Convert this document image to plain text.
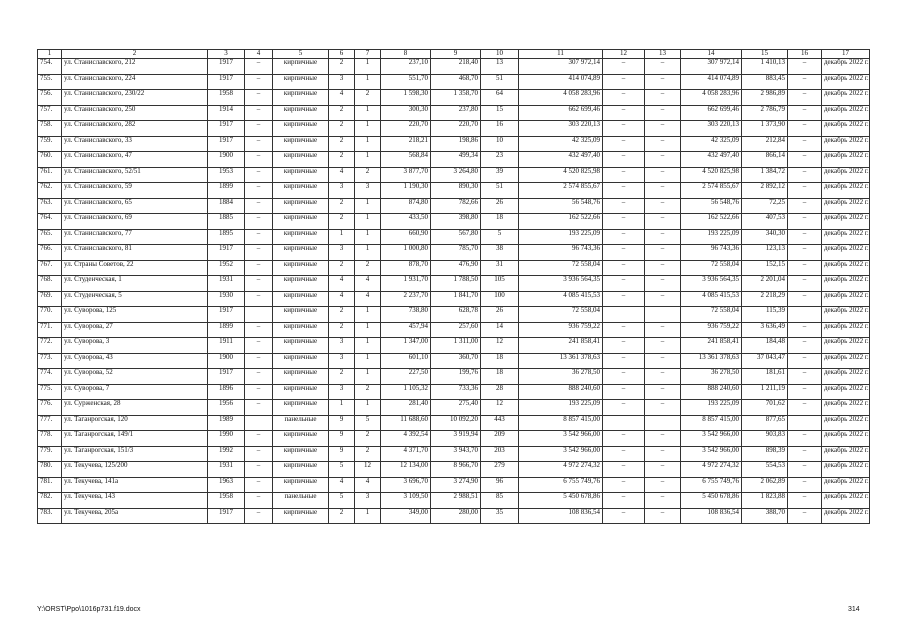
1	2	3	4	5	6	7	8	9	10	11	12	13	14	15	16	17
754.	ул. Станиславского, 212	1917	–	кирпичные	2	1	237,10	218,40	13	307 972,14	–	–	307 972,14	1 410,13	–	декабрь 2022 г.
755.	ул. Станиславского, 224	1917	–	кирпичные	3	1	551,70	468,70	51	414 074,89	–	–	414 074,89	883,45	–	декабрь 2022 г.
756.	ул. Станиславского, 230/22	1958	–	кирпичные	4	2	1 598,30	1 358,70	64	4 058 283,96	–	–	4 058 283,96	2 986,89	–	декабрь 2022 г.
757.	ул. Станиславского, 250	1914	–	кирпичные	2	1	300,30	237,80	15	662 699,46	–	–	662 699,46	2 786,79	–	декабрь 2022 г.
758.	ул. Станиславского, 282	1917	–	кирпичные	2	1	220,70	220,70	16	303 220,13	–	–	303 220,13	1 373,90	–	декабрь 2022 г.
759.	ул. Станиславского, 33	1917	–	кирпичные	2	1	218,21	198,86	10	42 325,09	–	–	42 325,09	212,84	–	декабрь 2022 г.
760.	ул. Станиславского, 47	1900	–	кирпичные	2	1	568,84	499,34	23	432 497,40	–	–	432 497,40	866,14	–	декабрь 2022 г.
761.	ул. Станиславского, 52/51	1953	–	кирпичные	4	2	3 877,70	3 264,80	39	4 520 825,98	–	–	4 520 825,98	1 384,72	–	декабрь 2022 г.
762.	ул. Станиславского, 59	1899	–	кирпичные	3	3	1 190,30	890,30	51	2 574 855,67	–	–	2 574 855,67	2 892,12	–	декабрь 2022 г.
763.	ул. Станиславского, 65	1884	–	кирпичные	2	1	874,80	782,66	26	56 548,76	–	–	56 548,76	72,25	–	декабрь 2022 г.
764.	ул. Станиславского, 69	1885	–	кирпичные	2	1	433,50	398,80	18	162 522,66	–	–	162 522,66	407,53	–	декабрь 2022 г.
765.	ул. Станиславского, 77	1895	–	кирпичные	1	1	660,90	567,80	5	193 225,09	–	–	193 225,09	340,30	–	декабрь 2022 г.
766.	ул. Станиславского, 81	1917	–	кирпичные	3	1	1 000,80	785,70	38	96 743,36	–	–	96 743,36	123,13	–	декабрь 2022 г.
767.	ул. Страны Советов, 22	1952	–	кирпичные	2	2	878,70	476,90	31	72 558,04	–	–	72 558,04	152,15	–	декабрь 2022 г.
768.	ул. Студенческая, 1	1931	–	кирпичные	4	4	1 931,70	1 788,50	105	3 936 564,35	–	–	3 936 564,35	2 201,04	–	декабрь 2022 г.
769.	ул. Студенческая, 5	1930	–	кирпичные	4	4	2 237,70	1 841,70	100	4 085 415,53	–	–	4 085 415,53	2 218,29	–	декабрь 2022 г.
770.	ул. Суворова, 125	1917		кирпичные	2	1	738,80	628,78	26	72 558,04			72 558,04	115,39		декабрь 2022 г.
771.	ул. Суворова, 27	1899	–	кирпичные	2	1	457,94	257,60	14	936 759,22	–	–	936 759,22	3 636,49	–	декабрь 2022 г.
772.	ул. Суворова, 3	1911	–	кирпичные	3	1	1 347,00	1 311,00	12	241 858,41	–	–	241 858,41	184,48	–	декабрь 2022 г.
773.	ул. Суворова, 43	1900	–	кирпичные	3	1	601,10	360,70	18	13 361 378,63	–	–	13 361 378,63	37 043,47	–	декабрь 2022 г.
774.	ул. Суворова, 52	1917	–	кирпичные	2	1	227,50	199,76	18	36 278,50	–	–	36 278,50	181,61	–	декабрь 2022 г.
775.	ул. Суворова, 7	1896	–	кирпичные	3	2	1 105,32	733,36	28	888 240,60	–	–	888 240,60	1 211,19	–	декабрь 2022 г.
776.	ул. Сурженская, 28	1956	–	кирпичные	1	1	281,40	275,40	12	193 225,09	–	–	193 225,09	701,62	–	декабрь 2022 г.
777.	ул. Таганрогская, 120	1989		панельные	9	5	11 688,60	10 092,20	443	8 857 415,00			8 857 415,00	877,65		декабрь 2022 г.
778.	ул. Таганрогская, 149/1	1990	–	кирпичные	9	2	4 392,54	3 919,94	209	3 542 966,00	–	–	3 542 966,00	903,83	–	декабрь 2022 г.
779.	ул. Таганрогская, 151/3	1992	–	кирпичные	9	2	4 371,70	3 943,70	203	3 542 966,00	–	–	3 542 966,00	898,39	–	декабрь 2022 г.
780.	ул. Текучева, 125/200	1931	–	кирпичные	5	12	12 134,00	8 966,70	279	4 972 274,32	–	–	4 972 274,32	554,53	–	декабрь 2022 г.
781.	ул. Текучева, 141а	1963	–	кирпичные	4	4	3 696,70	3 274,90	96	6 755 749,76	–	–	6 755 749,76	2 062,89	–	декабрь 2022 г.
782.	ул. Текучева, 143	1958	–	панельные	5	3	3 109,50	2 988,51	85	5 450 678,86	–	–	5 450 678,86	1 823,88	–	декабрь 2022 г.
783.	ул. Текучева, 205а	1917	–	кирпичные	2	1	349,00	280,00	35	108 836,54	–	–	108 836,54	388,70	–	декабрь 2022 г.
Y:\ORST\Ppo\1016p731.f19.docx	314
